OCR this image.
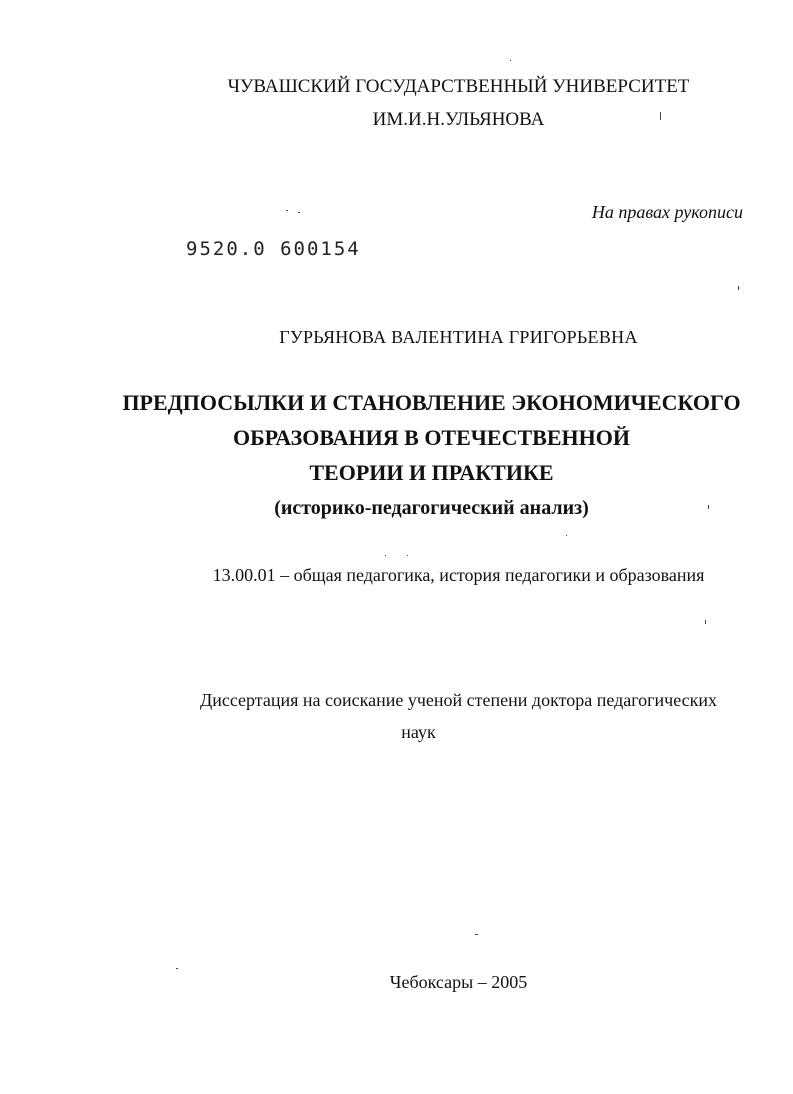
ЧУВАШСКИЙ ГОСУДАРСТВЕННЫЙ УНИВЕРСИТЕТ
ИМ.И.Н.УЛЬЯНОВА
На правах рукописи
9520.0 600154
ГУРЬЯНОВА ВАЛЕНТИНА ГРИГОРЬЕВНА
ПРЕДПОСЫЛКИ И СТАНОВЛЕНИЕ ЭКОНОМИЧЕСКОГО
ОБРАЗОВАНИЯ В ОТЕЧЕСТВЕННОЙ
ТЕОРИИ И ПРАКТИКЕ
(историко-педагогический анализ)
13.00.01 – общая педагогика, история педагогики и образования
Диссертация на соискание ученой степени доктора педагогических
наук
Чебоксары – 2005
